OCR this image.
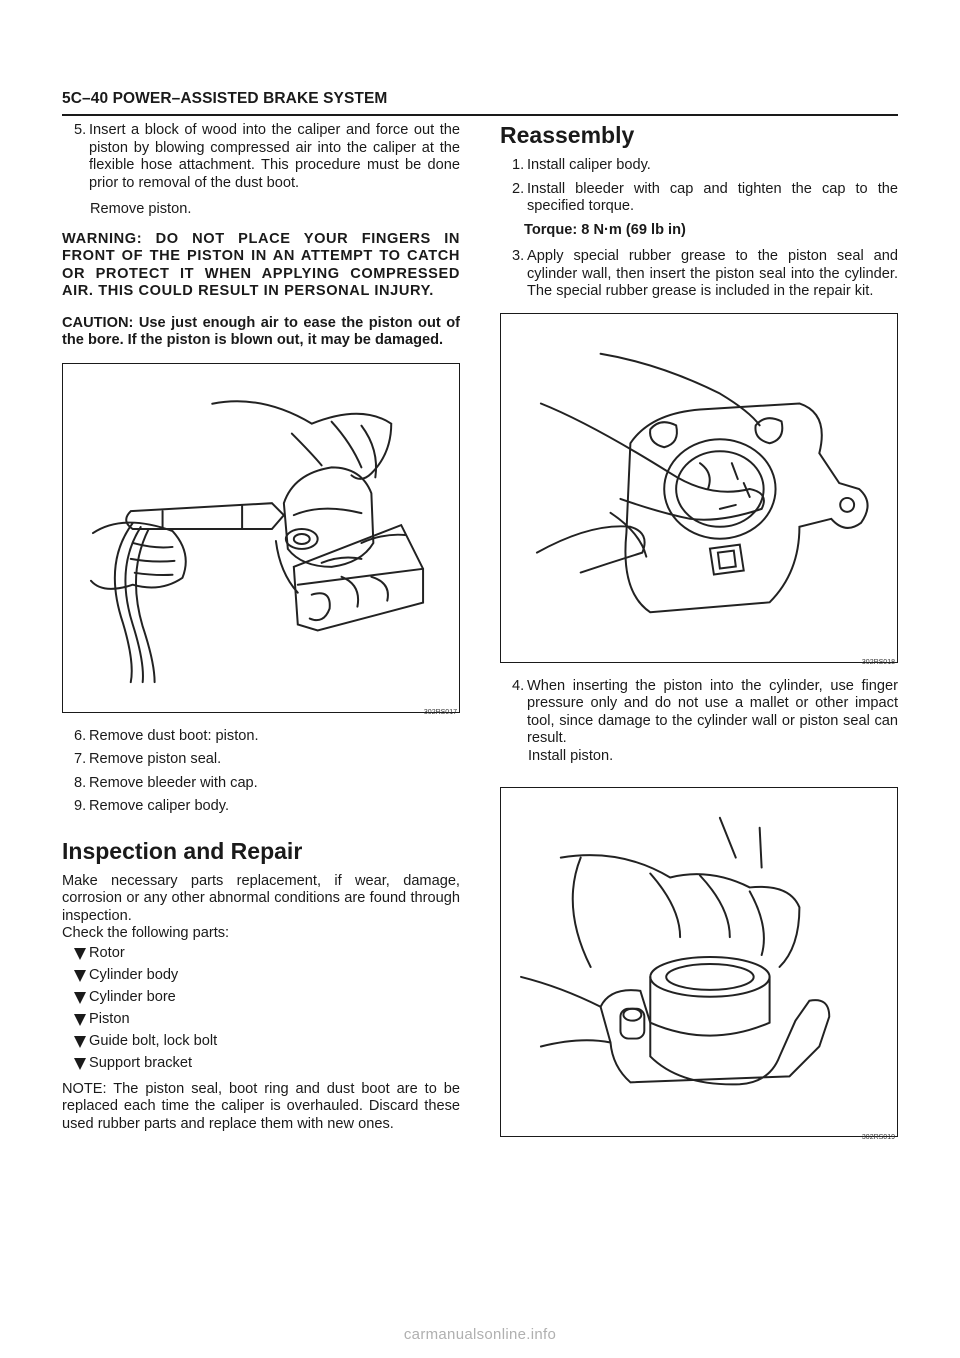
5C–40 POWER–ASSISTED BRAKE SYSTEM
5. Insert a block of wood into the caliper and force out the piston by blowing compressed air into the caliper at the flexible hose attachment. This procedure must be done prior to removal of the dust boot.
Remove piston.
WARNING: DO NOT PLACE YOUR FINGERS IN FRONT OF THE PISTON IN AN ATTEMPT TO CATCH OR PROTECT IT WHEN APPLYING COMPRESSED AIR. THIS COULD RESULT IN PERSONAL INJURY.
CAUTION: Use just enough air to ease the piston out of the bore. If the piston is blown out, it may be damaged.
302RS017
6. Remove dust boot: piston.
7. Remove piston seal.
8. Remove bleeder with cap.
9. Remove caliper body.
Inspection and Repair
Make necessary parts replacement, if wear, damage, corrosion or any other abnormal conditions are found through inspection.
Check the following parts:
Rotor
Cylinder body
Cylinder bore
Piston
Guide bolt, lock bolt
Support bracket
NOTE: The piston seal, boot ring and dust boot are to be replaced each time the caliper is overhauled. Discard these used rubber parts and replace them with new ones.
Reassembly
1. Install caliper body.
2. Install bleeder with cap and tighten the cap to the specified torque.
Torque: 8 N·m (69 lb in)
3. Apply special rubber grease to the piston seal and cylinder wall, then insert the piston seal into the cylinder. The special rubber grease is included in the repair kit.
302RS018
4. When inserting the piston into the cylinder, use finger pressure only and do not use a mallet or other impact tool, since damage to the cylinder wall or piston seal can result.
Install piston.
302RS019
carmanualsonline.info
